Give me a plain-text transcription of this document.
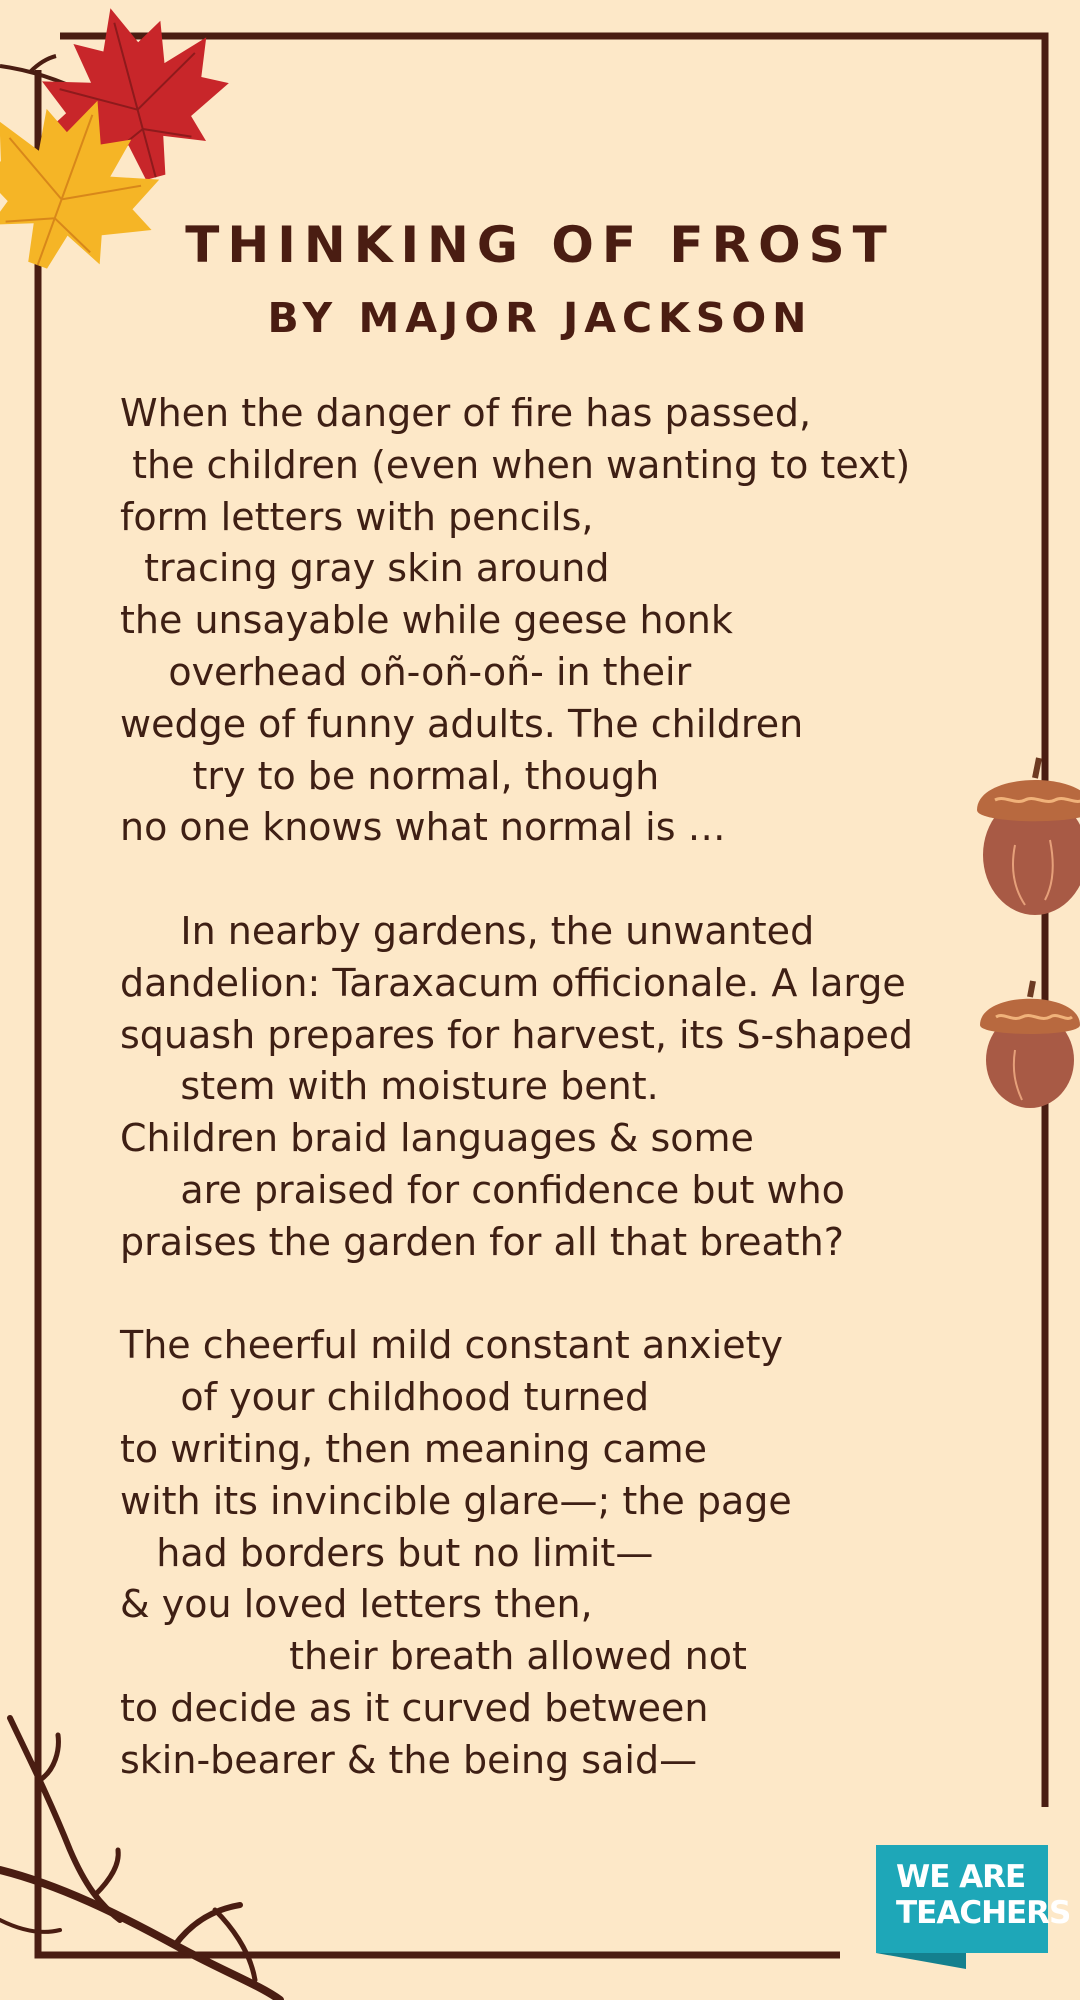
THINKING OF FROST
BY MAJOR JACKSON
When the danger of fire has passed,
the children (even when wanting to text)
form letters with pencils,
tracing gray skin around
the unsayable while geese honk
overhead oñ-oñ-oñ- in their
wedge of funny adults. The children
try to be normal, though
no one knows what normal is …
In nearby gardens, the unwanted
dandelion: Taraxacum officionale. A large
squash prepares for harvest, its S-shaped
stem with moisture bent.
Children braid languages & some
are praised for confidence but who
praises the garden for all that breath?
The cheerful mild constant anxiety
of your childhood turned
to writing, then meaning came
with its invincible glare—; the page
had borders but no limit—
& you loved letters then,
their breath allowed not
to decide as it curved between
skin-bearer & the being said—
WE ARE
TEACHERS
